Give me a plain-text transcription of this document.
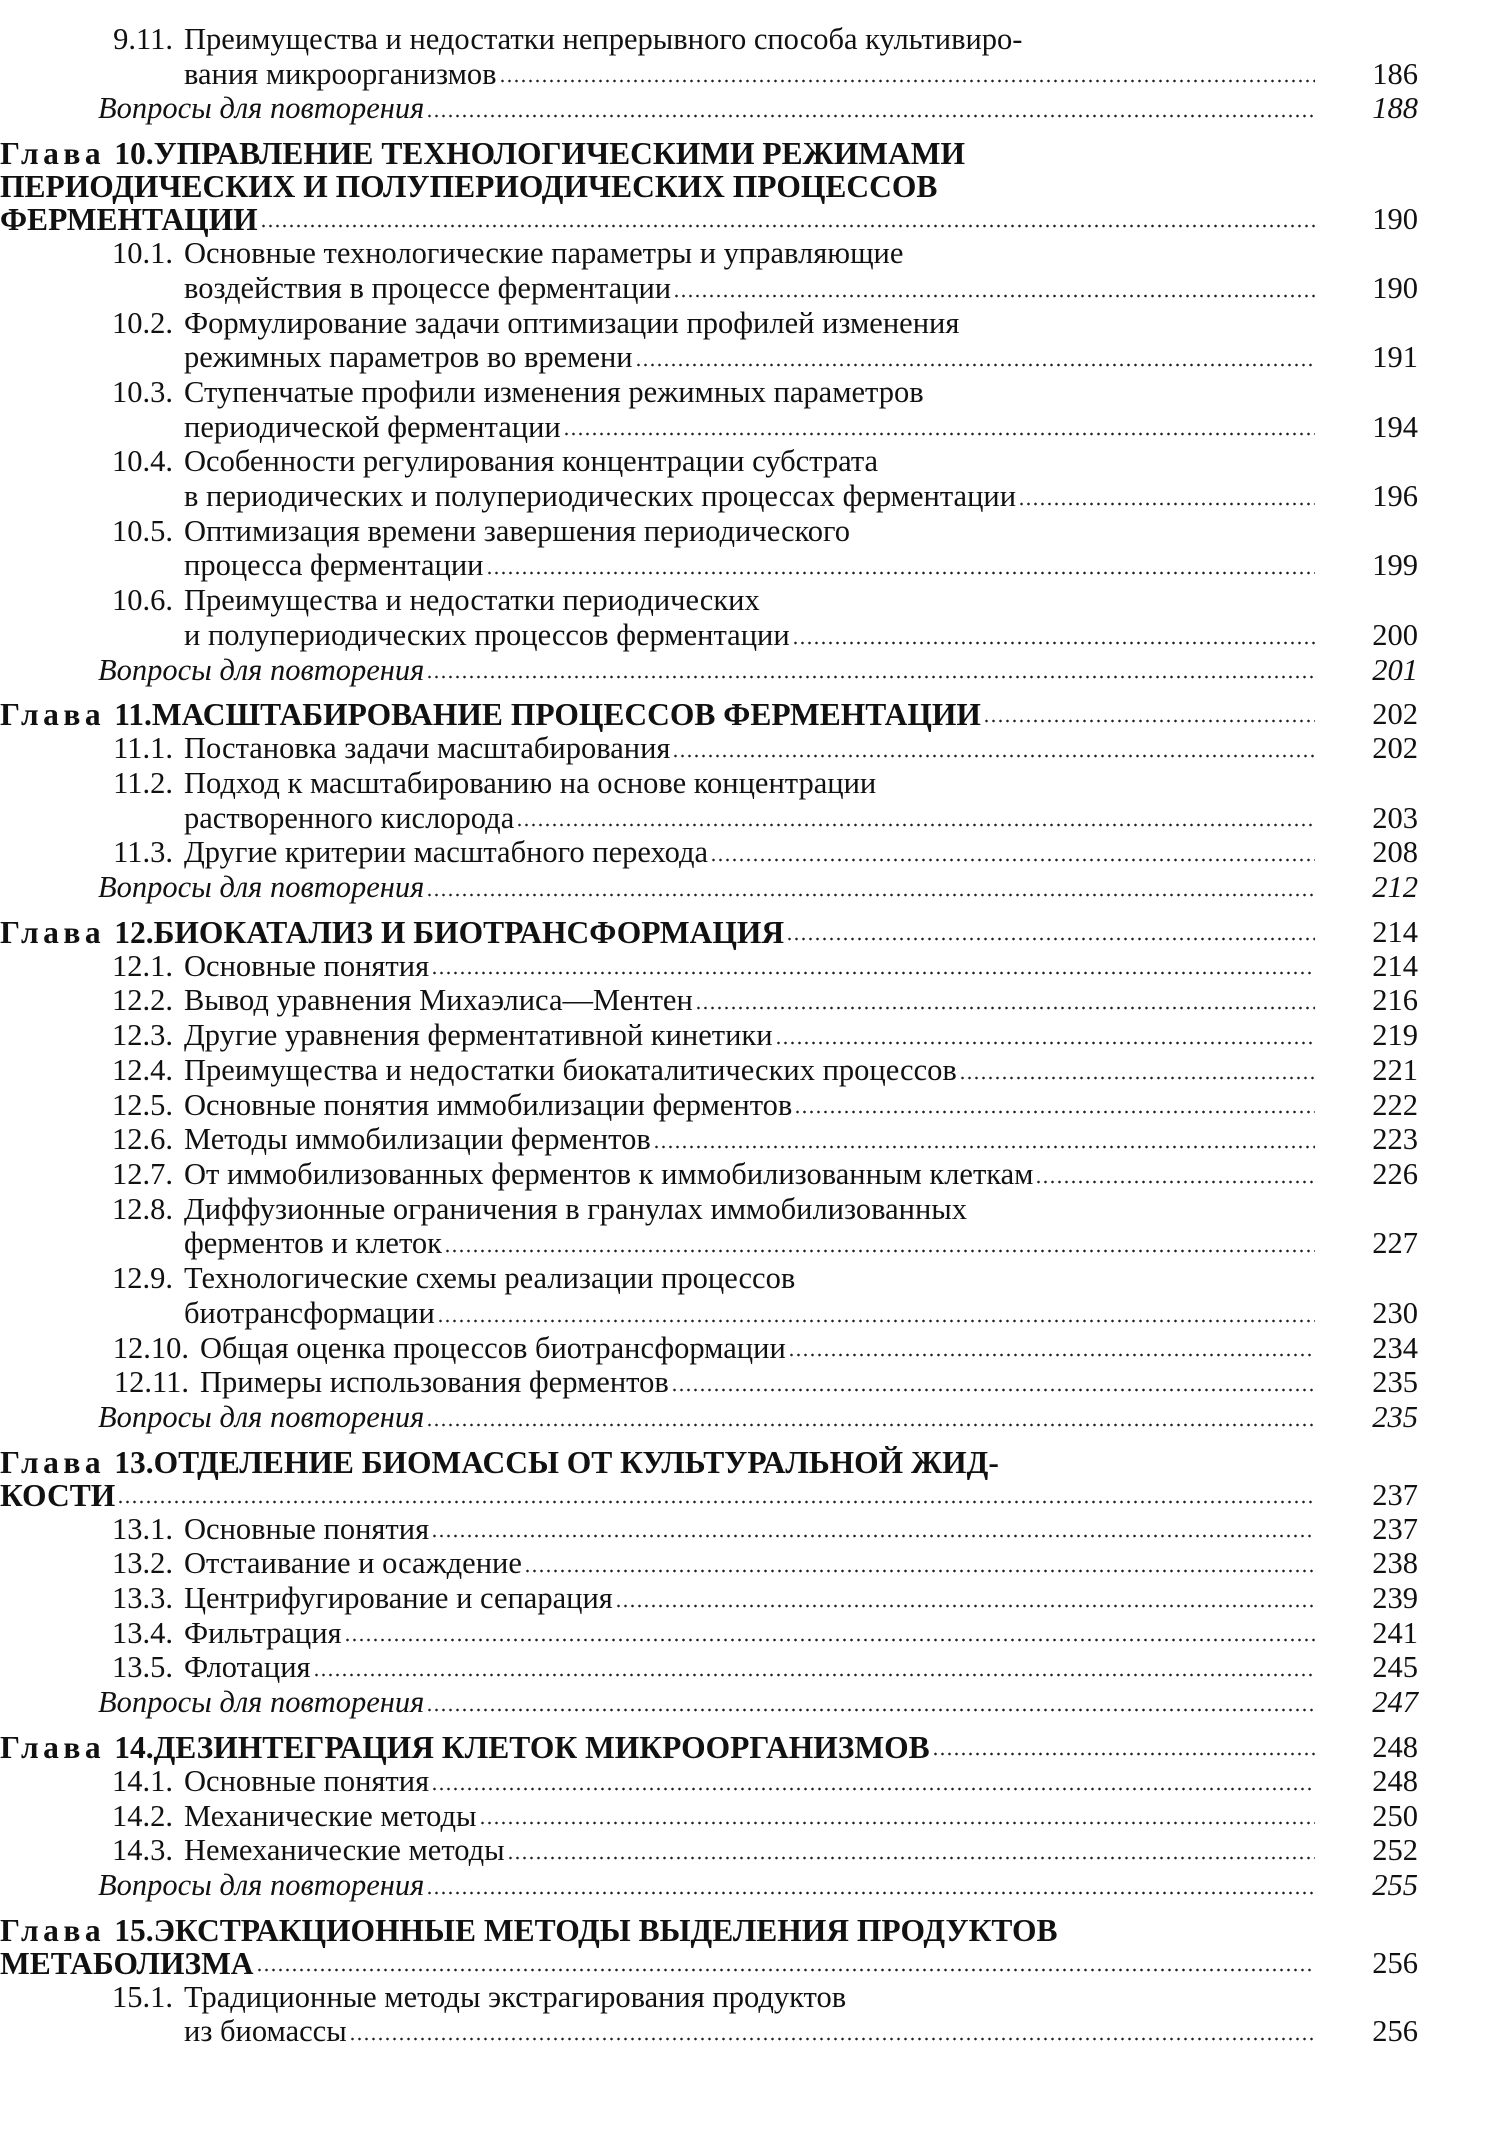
9.11. Преимущества и недостатки непрерывного способа культивиро-
вания микроорганизмов	186
Вопросы для повторения	188
Глава 10. УПРАВЛЕНИЕ ТЕХНОЛОГИЧЕСКИМИ РЕЖИМАМИ
ПЕРИОДИЧЕСКИХ И ПОЛУПЕРИОДИЧЕСКИХ ПРОЦЕССОВ
ФЕРМЕНТАЦИИ	190
10.1. Основные технологические параметры и управляющие
воздействия в процессе ферментации	190
10.2. Формулирование задачи оптимизации профилей изменения
режимных параметров во времени	191
10.3. Ступенчатые профили изменения режимных параметров
периодической ферментации	194
10.4. Особенности регулирования концентрации субстрата
в периодических и полупериодических процессах ферментации	196
10.5. Оптимизация времени завершения периодического
процесса ферментации	199
10.6. Преимущества и недостатки периодических
и полупериодических процессов ферментации	200
Вопросы для повторения	201
Глава 11. МАСШТАБИРОВАНИЕ ПРОЦЕССОВ ФЕРМЕНТАЦИИ	202
11.1. Постановка задачи масштабирования	202
11.2. Подход к масштабированию на основе концентрации
растворенного кислорода	203
11.3. Другие критерии масштабного перехода	208
Вопросы для повторения	212
Глава 12. БИОКАТАЛИЗ И БИОТРАНСФОРМАЦИЯ	214
12.1. Основные понятия	214
12.2. Вывод уравнения Михаэлиса—Ментен	216
12.3. Другие уравнения ферментативной кинетики	219
12.4. Преимущества и недостатки биокаталитических процессов	221
12.5. Основные понятия иммобилизации ферментов	222
12.6. Методы иммобилизации ферментов	223
12.7. От иммобилизованных ферментов к иммобилизованным клеткам	226
12.8. Диффузионные ограничения в гранулах иммобилизованных
ферментов и клеток	227
12.9. Технологические схемы реализации процессов
биотрансформации	230
12.10. Общая оценка процессов биотрансформации	234
12.11. Примеры использования ферментов	235
Вопросы для повторения	235
Глава 13. ОТДЕЛЕНИЕ БИОМАССЫ ОТ КУЛЬТУРАЛЬНОЙ ЖИД-
КОСТИ	237
13.1. Основные понятия	237
13.2. Отстаивание и осаждение	238
13.3. Центрифугирование и сепарация	239
13.4. Фильтрация	241
13.5. Флотация	245
Вопросы для повторения	247
Глава 14. ДЕЗИНТЕГРАЦИЯ КЛЕТОК МИКРООРГАНИЗМОВ	248
14.1. Основные понятия	248
14.2. Механические методы	250
14.3. Немеханические методы	252
Вопросы для повторения	255
Глава 15. ЭКСТРАКЦИОННЫЕ МЕТОДЫ ВЫДЕЛЕНИЯ ПРОДУКТОВ
МЕТАБОЛИЗМА	256
15.1. Традиционные методы экстрагирования продуктов
из биомассы	256
